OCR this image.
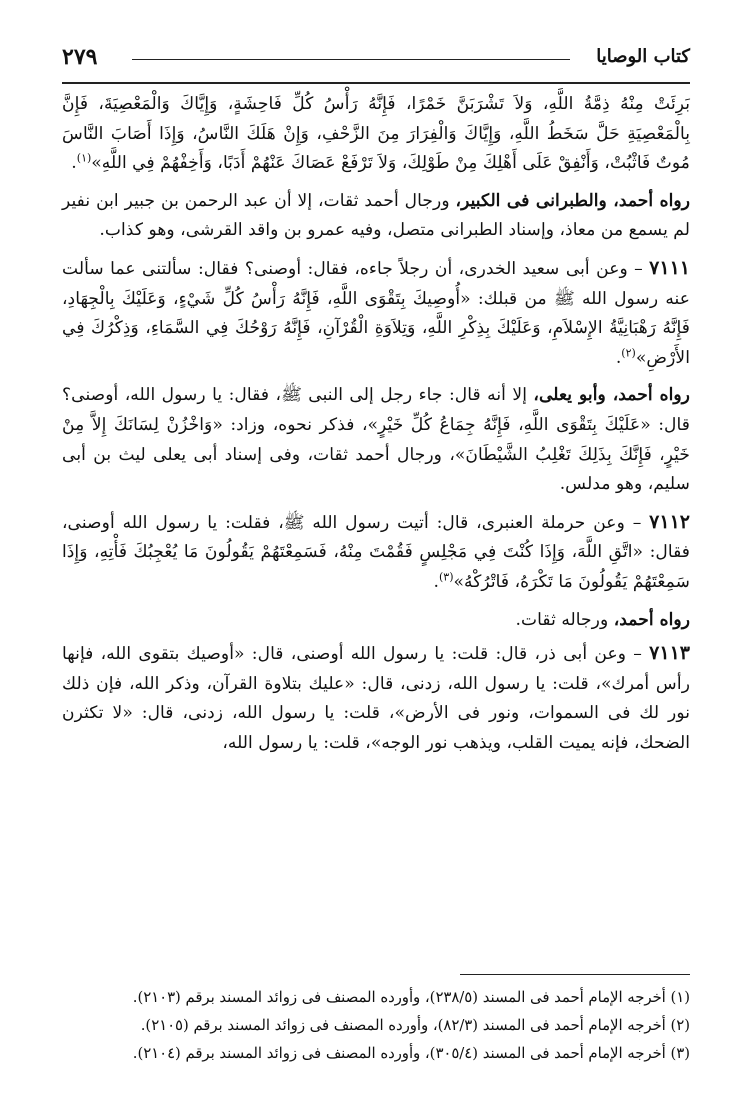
كتاب الوصايا
٢٧٩

بَرِئَتْ مِنْهُ ذِمَّةُ اللَّهِ، وَلاَ تَشْرَبَنَّ خَمْرًا، فَإِنَّهُ رَأْسُ كُلِّ فَاحِشَةٍ، وَإِيَّاكَ وَالْمَعْصِيَةَ، فَإِنَّ بِالْمَعْصِيَةِ حَلَّ سَخَطُ اللَّهِ، وَإِيَّاكَ وَالْفِرَارَ مِنَ الزَّحْفِ، وَإِنْ هَلَكَ النَّاسُ، وَإِذَا أَصَابَ النَّاسَ مُوتٌ فَاثْبُتْ، وَأَنْفِقْ عَلَى أَهْلِكَ مِنْ طَوْلِكَ، وَلاَ تَرْفَعْ عَصَاكَ عَنْهُمْ أَدَبًا، وَأَخِفْهُمْ فِي اللَّهِ»$^{(١)}$.

رواه أحمد، والطبرانى فى الكبير، ورجال أحمد ثقات، إلا أن عبد الرحمن بن جبير ابن نفير لم يسمع من معاذ، وإسناد الطبرانى متصل، وفيه عمرو بن واقد القرشى، وهو كذاب.

٧١١١ – وعن أبى سعيد الخدرى، أن رجلاً جاءه، فقال: أوصنى؟ فقال: سألتنى عما سألت عنه رسول الله ﷺ من قبلك: «أُوصِيكَ بِتَقْوَى اللَّهِ، فَإِنَّهُ رَأْسُ كُلِّ شَيْءٍ، وَعَلَيْكَ بِالْجِهَادِ، فَإِنَّهُ رَهْبَانِيَّةُ الإِسْلاَمِ، وَعَلَيْكَ بِذِكْرِ اللَّهِ، وَتِلاَوَةِ الْقُرْآنِ، فَإِنَّهُ رَوْحُكَ فِي السَّمَاءِ، وَذِكْرُكَ فِي الأَرْضِ»$^{(٢)}$.

رواه أحمد، وأبو يعلى، إلا أنه قال: جاء رجل إلى النبى ﷺ، فقال: يا رسول الله، أوصنى؟ قال: «عَلَيْكَ بِتَقْوَى اللَّهِ، فَإِنَّهُ جِمَاعُ كُلِّ خَيْرٍ»، فذكر نحوه، وزاد: «وَاخْزُنْ لِسَانَكَ إِلاَّ مِنْ خَيْرٍ، فَإِنَّكَ بِذَلِكَ تَغْلِبُ الشَّيْطَانَ»، ورجال أحمد ثقات، وفى إسناد أبى يعلى ليث بن أبى سليم، وهو مدلس.

٧١١٢ – وعن حرملة العنبرى، قال: أتيت رسول الله ﷺ، فقلت: يا رسول الله أوصنى، فقال: «اتَّقِ اللَّهَ، وَإِذَا كُنْتَ فِي مَجْلِسٍ فَقُمْتَ مِنْهُ، فَسَمِعْتَهُمْ يَقُولُونَ مَا يُعْجِبُكَ فَأْتِهِ، وَإِذَا سَمِعْتَهُمْ يَقُولُونَ مَا تَكْرَهُ، فَاتْرُكْهُ»$^{(٣)}$.

رواه أحمد، ورجاله ثقات.

٧١١٣ – وعن أبى ذر، قال: قلت: يا رسول الله أوصنى، قال: «أوصيك بتقوى الله، فإنها رأس أمرك»، قلت: يا رسول الله، زدنى، قال: «عليك بتلاوة القرآن، وذكر الله، فإن ذلك نور لك فى السموات، ونور فى الأرض»، قلت: يا رسول الله، زدنى، قال: «لا تكثرن الضحك، فإنه يميت القلب، ويذهب نور الوجه»، قلت: يا رسول الله،

(١) أخرجه الإمام أحمد فى المسند (٢٣٨/٥)، وأورده المصنف فى زوائد المسند برقم (٢١٠٣).
(٢) أخرجه الإمام أحمد فى المسند (٨٢/٣)، وأورده المصنف فى زوائد المسند برقم (٢١٠٥).
(٣) أخرجه الإمام أحمد فى المسند (٣٠٥/٤)، وأورده المصنف فى زوائد المسند برقم (٢١٠٤).
